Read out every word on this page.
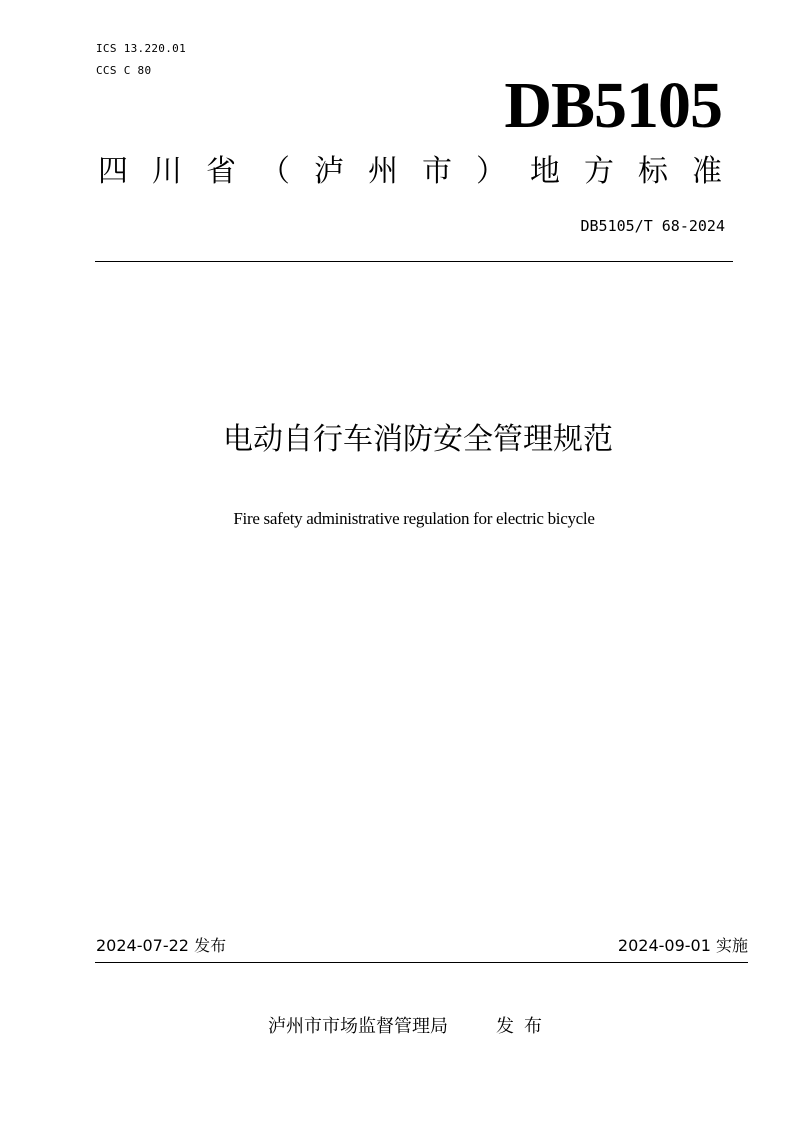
ICS 13.220.01
CCS C 80	DB5105
四 川 省 （ 泸 州 市 ） 地 方 标 准
DB5105/T 68-2024
电动自行车消防安全管理规范
Fire safety administrative regulation for electric bicycle
2024-07-22 发布	2024-09-01 实施
泸州市市场监督管理局	发布
